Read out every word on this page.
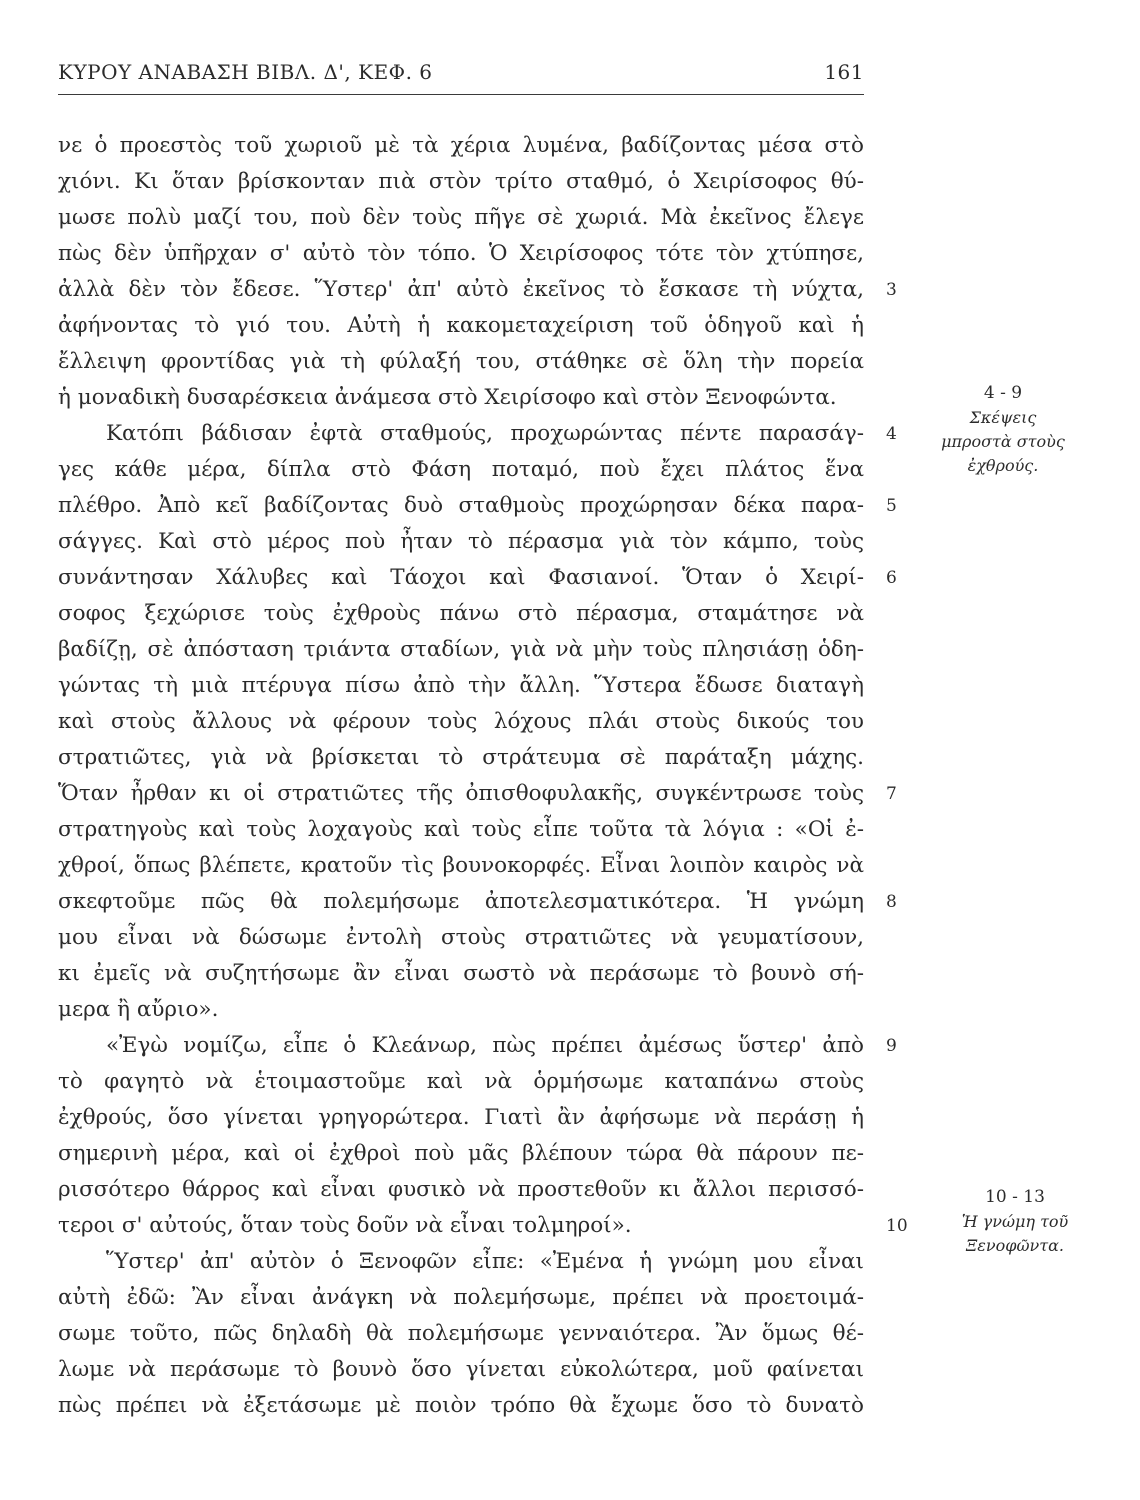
ΚΥΡΟΥ ΑΝΑΒΑΣΗ ΒΙΒΛ. Δ', ΚΕΦ. 6	161
νε ὁ προεστὸς τοῦ χωριοῦ μὲ τὰ χέρια λυμένα, βαδίζοντας μέσα στὸ
χιόνι. Κι ὅταν βρίσκονταν πιὰ στὸν τρίτο σταθμό, ὁ Χειρίσοφος θύ-
μωσε πολὺ μαζί του, ποὺ δὲν τοὺς πῆγε σὲ χωριά. Μὰ ἐκεῖνος ἔλεγε
πὼς δὲν ὑπῆρχαν σ' αὐτὸ τὸν τόπο. Ὁ Χειρίσοφος τότε τὸν χτύπησε,
ἀλλὰ δὲν τὸν ἔδεσε. Ὕστερ' ἀπ' αὐτὸ ἐκεῖνος τὸ ἔσκασε τὴ νύχτα,
ἀφήνοντας τὸ γιό του. Αὐτὴ ἡ κακομεταχείριση τοῦ ὁδηγοῦ καὶ ἡ
ἔλλειψη φροντίδας γιὰ τὴ φύλαξή του, στάθηκε σὲ ὅλη τὴν πορεία
ἡ μοναδικὴ δυσαρέσκεια ἀνάμεσα στὸ Χειρίσοφο καὶ στὸν Ξενοφώντα.
Κατόπι βάδισαν ἐφτὰ σταθμούς, προχωρώντας πέντε παρασάγ-
γες κάθε μέρα, δίπλα στὸ Φάση ποταμό, ποὺ ἔχει πλάτος ἕνα
πλέθρο. Ἀπὸ κεῖ βαδίζοντας δυὸ σταθμοὺς προχώρησαν δέκα παρα-
σάγγες. Καὶ στὸ μέρος ποὺ ἦταν τὸ πέρασμα γιὰ τὸν κάμπο, τοὺς
συνάντησαν Χάλυβες καὶ Τάοχοι καὶ Φασιανοί. Ὅταν ὁ Χειρί-
σοφος ξεχώρισε τοὺς ἐχθροὺς πάνω στὸ πέρασμα, σταμάτησε νὰ
βαδίζῃ, σὲ ἀπόσταση τριάντα σταδίων, γιὰ νὰ μὴν τοὺς πλησιάσῃ ὁδη-
γώντας τὴ μιὰ πτέρυγα πίσω ἀπὸ τὴν ἄλλη. Ὕστερα ἔδωσε διαταγὴ
καὶ στοὺς ἄλλους νὰ φέρουν τοὺς λόχους πλάι στοὺς δικούς του
στρατιῶτες, γιὰ νὰ βρίσκεται τὸ στράτευμα σὲ παράταξη μάχης.
Ὅταν ἦρθαν κι οἱ στρατιῶτες τῆς ὀπισθοφυλακῆς, συγκέντρωσε τοὺς
στρατηγοὺς καὶ τοὺς λοχαγοὺς καὶ τοὺς εἶπε τοῦτα τὰ λόγια : «Οἱ ἐ-
χθροί, ὅπως βλέπετε, κρατοῦν τὶς βουνοκορφές. Εἶναι λοιπὸν καιρὸς νὰ
σκεφτοῦμε πῶς θὰ πολεμήσωμε ἀποτελεσματικότερα. Ἡ γνώμη
μου εἶναι νὰ δώσωμε ἐντολὴ στοὺς στρατιῶτες νὰ γευματίσουν,
κι ἐμεῖς νὰ συζητήσωμε ἂν εἶναι σωστὸ νὰ περάσωμε τὸ βουνὸ σή-
μερα ἢ αὔριο».
«Ἐγὼ νομίζω, εἶπε ὁ Κλεάνωρ, πὼς πρέπει ἀμέσως ὕστερ' ἀπὸ
τὸ φαγητὸ νὰ ἑτοιμαστοῦμε καὶ νὰ ὁρμήσωμε καταπάνω στοὺς
ἐχθρούς, ὅσο γίνεται γρηγορώτερα. Γιατὶ ἂν ἀφήσωμε νὰ περάσῃ ἡ
σημερινὴ μέρα, καὶ οἱ ἐχθροὶ ποὺ μᾶς βλέπουν τώρα θὰ πάρουν πε-
ρισσότερο θάρρος καὶ εἶναι φυσικὸ νὰ προστεθοῦν κι ἄλλοι περισσό-
τεροι σ' αὐτούς, ὅταν τοὺς δοῦν νὰ εἶναι τολμηροί».
Ὕστερ' ἀπ' αὐτὸν ὁ Ξενοφῶν εἶπε: «Ἐμένα ἡ γνώμη μου εἶναι
αὐτὴ ἐδῶ: Ἂν εἶναι ἀνάγκη νὰ πολεμήσωμε, πρέπει νὰ προετοιμά-
σωμε τοῦτο, πῶς δηλαδὴ θὰ πολεμήσωμε γενναιότερα. Ἂν ὅμως θέ-
λωμε νὰ περάσωμε τὸ βουνὸ ὅσο γίνεται εὐκολώτερα, μοῦ φαίνεται
πὼς πρέπει νὰ ἐξετάσωμε μὲ ποιὸν τρόπο θὰ ἔχωμε ὅσο τὸ δυνατὸ
3
4
5
6
7
8
9
10
4 - 9
Σκέψεις
μπροστὰ στοὺς
ἐχθρούς.
10 - 13
Ἡ γνώμη τοῦ
Ξενοφῶντα.
